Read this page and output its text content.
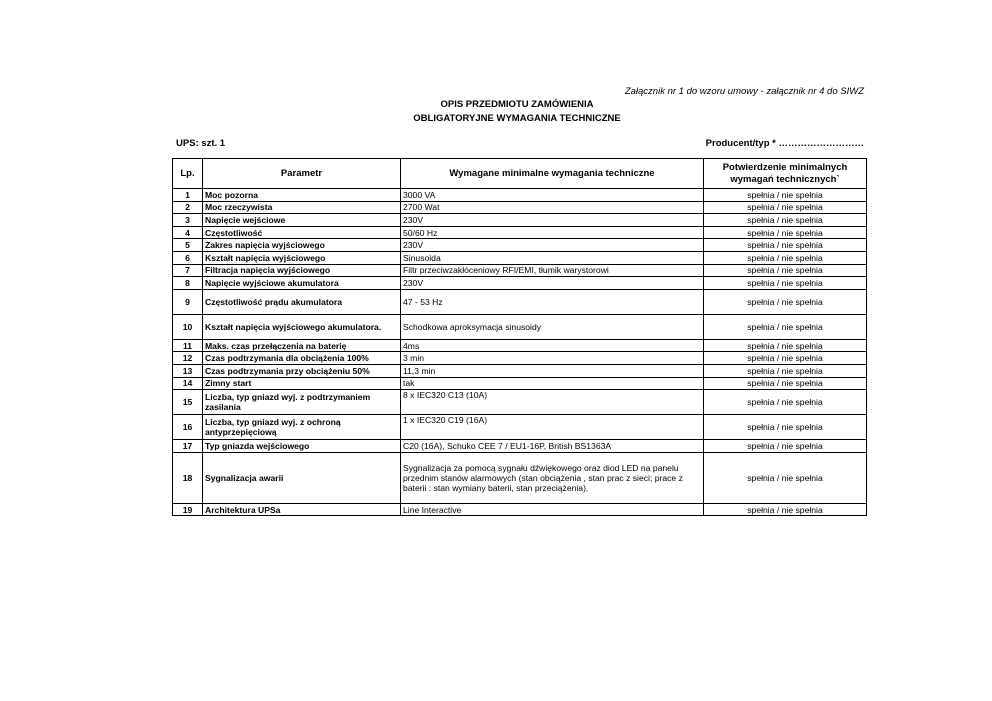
Załącznik nr 1 do wzoru umowy - załącznik nr 4 do SIWZ
OPIS PRZEDMIOTU ZAMÓWIENIA
OBLIGATORYJNE WYMAGANIA TECHNICZNE
UPS: szt. 1	Producent/typ * ………………………
Lp.	Parametr	Wymagane minimalne wymagania techniczne	Potwierdzenie minimalnych wymagań technicznych`
1	Moc pozorna	3000 VA	spełnia / nie spełnia
2	Moc rzeczywista	2700 Wat	spełnia / nie spełnia
3	Napięcie wejściowe	230V	spełnia / nie spełnia
4	Częstotliwość	50/60 Hz	spełnia / nie spełnia
5	Zakres napięcia wyjściowego	230V	spełnia / nie spełnia
6	Kształt napięcia wyjściowego	Sinusoida	spełnia / nie spełnia
7	Filtracja napięcia wyjściowego	Filtr przeciwzakłóceniowy RFI/EMI, tłumik warystorowi	spełnia / nie spełnia
8	Napięcie wyjściowe akumulatora	230V	spełnia / nie spełnia
9	Częstotliwość prądu akumulatora	47 - 53 Hz	spełnia / nie spełnia
10	Kształt napięcia wyjściowego akumulatora.	Schodkowa aproksymacja sinusoidy	spełnia / nie spełnia
11	Maks. czas przełączenia na baterię	4ms	spełnia / nie spełnia
12	Czas podtrzymania dla obciążenia 100%	3 min	spełnia / nie spełnia
13	Czas podtrzymania przy obciążeniu 50%	11,3 min	spełnia / nie spełnia
14	Zimny start	tak	spełnia / nie spełnia
15	Liczba, typ gniazd wyj. z podtrzymaniem zasilania	8 x IEC320 C13 (10A)	spełnia / nie spełnia
16	Liczba, typ gniazd wyj. z ochroną antyprzepięciową	1 x IEC320 C19 (16A)	spełnia / nie spełnia
17	Typ gniazda wejściowego	C20 (16A), Schuko CEE 7 / EU1-16P, British BS1363A	spełnia / nie spełnia
18	Sygnalizacja awarii	Sygnalizacja za pomocą sygnału dźwiękowego oraz diod LED na panelu przednim stanów alarmowych (stan obciążenia , stan prac z sieci; prace z baterii : stan wymiany baterii, stan przeciążenia).	spełnia / nie spełnia
19	Architektura UPSa	Line Interactive	spełnia / nie spełnia
